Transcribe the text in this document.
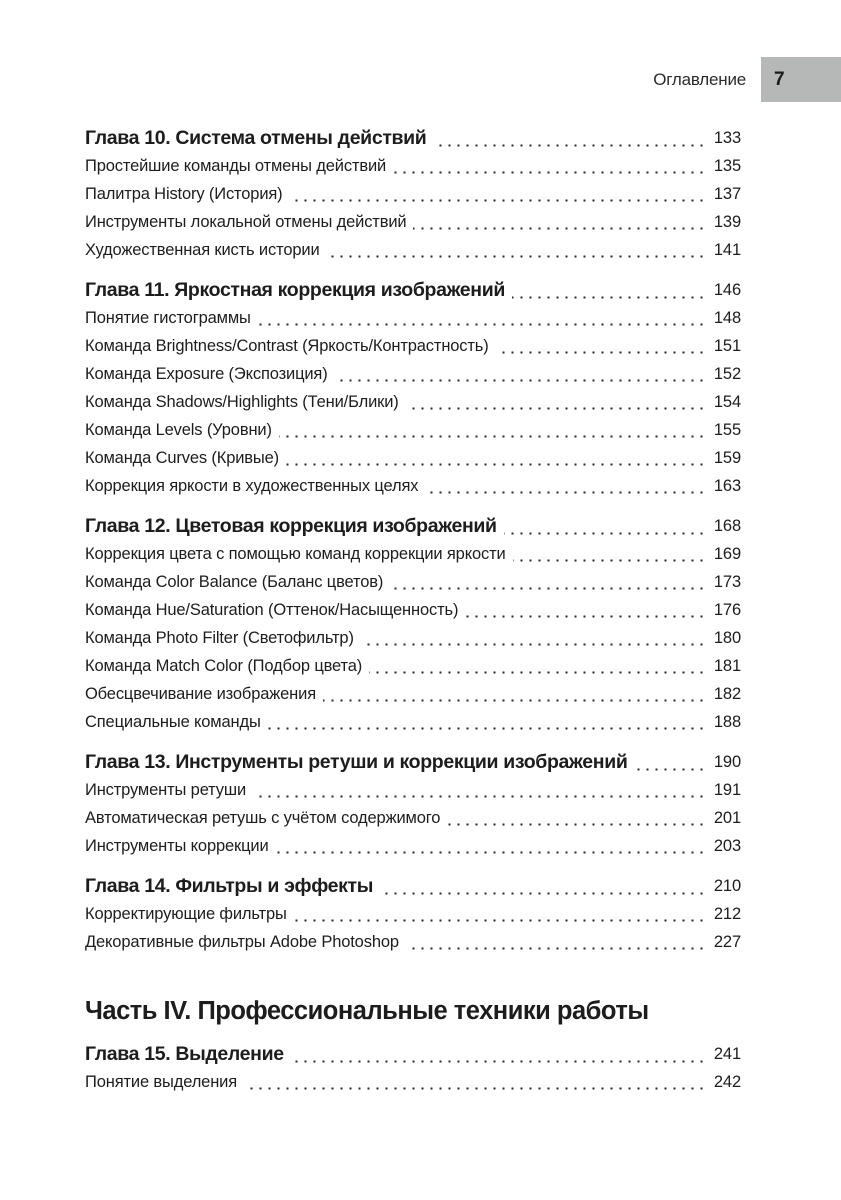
Оглавление	7
Глава 10. Система отмены действий	133
Простейшие команды отмены действий	135
Палитра History (История)	137
Инструменты локальной отмены действий	139
Художественная кисть истории	141
Глава 11. Яркостная коррекция изображений	146
Понятие гистограммы	148
Команда Brightness/Contrast (Яркость/Контрастность)	151
Команда Exposure (Экспозиция)	152
Команда Shadows/Highlights (Тени/Блики)	154
Команда Levels (Уровни)	155
Команда Curves (Кривые)	159
Коррекция яркости в художественных целях	163
Глава 12. Цветовая коррекция изображений	168
Коррекция цвета с помощью команд коррекции яркости	169
Команда Color Balance (Баланс цветов)	173
Команда Hue/Saturation (Оттенок/Насыщенность)	176
Команда Photo Filter (Светофильтр)	180
Команда Match Color (Подбор цвета)	181
Обесцвечивание изображения	182
Специальные команды	188
Глава 13. Инструменты ретуши и коррекции изображений	190
Инструменты ретуши	191
Автоматическая ретушь с учётом содержимого	201
Инструменты коррекции	203
Глава 14. Фильтры и эффекты	210
Корректирующие фильтры	212
Декоративные фильтры Adobe Photoshop	227
Часть IV. Профессиональные техники работы
Глава 15. Выделение	241
Понятие выделения	242
